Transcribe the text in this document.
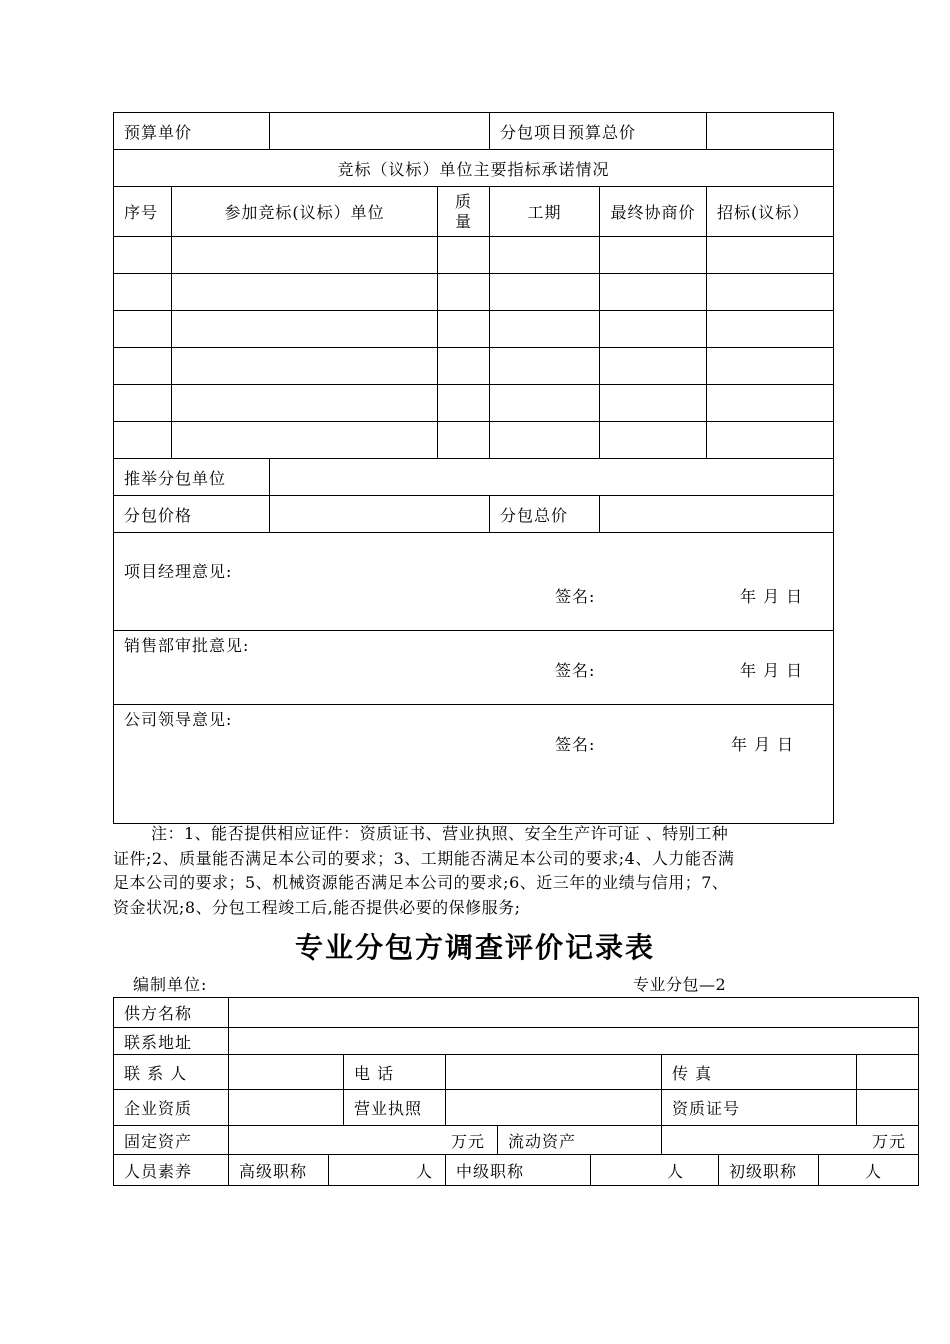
预算单价				分包项目预算总价		
竞标（议标）单位主要指标承诺情况						
序号	参加竞标(议标）单位		质
量	工期	最终协商价	招标(议标）

推举分包单位						
分包价格				分包总价		

项目经理意见:
签名: 年 月 日						

销售部审批意见:
签名: 年 月 日						

公司领导意见:
签名: 年 月 日						
注：1、能否提供相应证件：资质证书、营业执照、安全生产许可证 、特别工种
证件;2、质量能否满足本公司的要求；3、工期能否满足本公司的要求;4、人力能否满
足本公司的要求；5、机械资源能否满足本公司的要求;6、近三年的业绩与信用；7、
资金状况;8、分包工程竣工后,能否提供必要的保修服务;
专业分包方调查评价记录表
编制单位:	专业分包—2
供方名称										
联系地址										
联 系 人			电 话				传 真			
企业资质			营业执照				资质证号			
固定资产	万元				流动资产		万元			
人员素养	高级职称	人		中级职称		人		初级职称	人	
